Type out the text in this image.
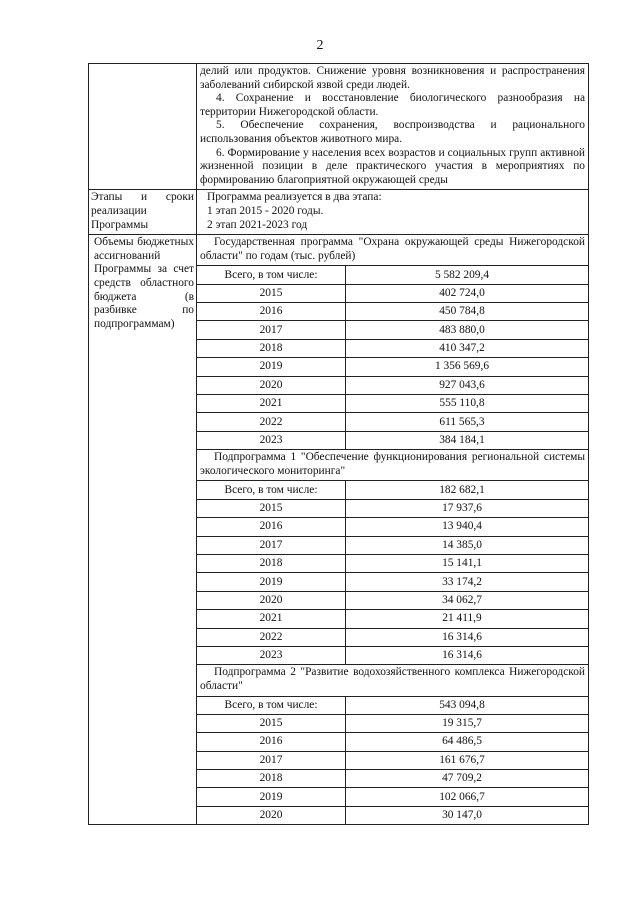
2

делий или продуктов. Снижение уровня возникновения и распространения заболеваний сибирской язвой среди людей.
4. Сохранение и восстановление биологического разнообразия на территории Нижегородской области.
5. Обеспечение сохранения, воспроизводства и рационального использования объектов животного мира.
6. Формирование у населения всех возрастов и социальных групп активной жизненной позиции в деле практического участия в мероприятиях по формированию благоприятной окружающей среды

Этапы и сроки
реализации Программы

Программа реализуется в два этапа:
1 этап 2015 - 2020 годы.
2 этап 2021-2023 год

Объемы бюджетных ассигнований Программы за счет средств областного бюджета (в разбивке по подпрограммам)

Государственная программа "Охрана окружающей среды Нижегородской области" по годам (тыс. рублей)
Всего, в том числе:	5 582 209,4
2015	402 724,0
2016	450 784,8
2017	483 880,0
2018	410 347,2
2019	1 356 569,6
2020	927 043,6
2021	555 110,8
2022	611 565,3
2023	384 184,1
Подпрограмма 1 "Обеспечение функционирования региональной системы экологического мониторинга"
Всего, в том числе:	182 682,1
2015	17 937,6
2016	13 940,4
2017	14 385,0
2018	15 141,1
2019	33 174,2
2020	34 062,7
2021	21 411,9
2022	16 314,6
2023	16 314,6
Подпрограмма 2 "Развитие водохозяйственного комплекса Нижегородской области"
Всего, в том числе:	543 094,8
2015	19 315,7
2016	64 486,5
2017	161 676,7
2018	47 709,2
2019	102 066,7
2020	30 147,0
